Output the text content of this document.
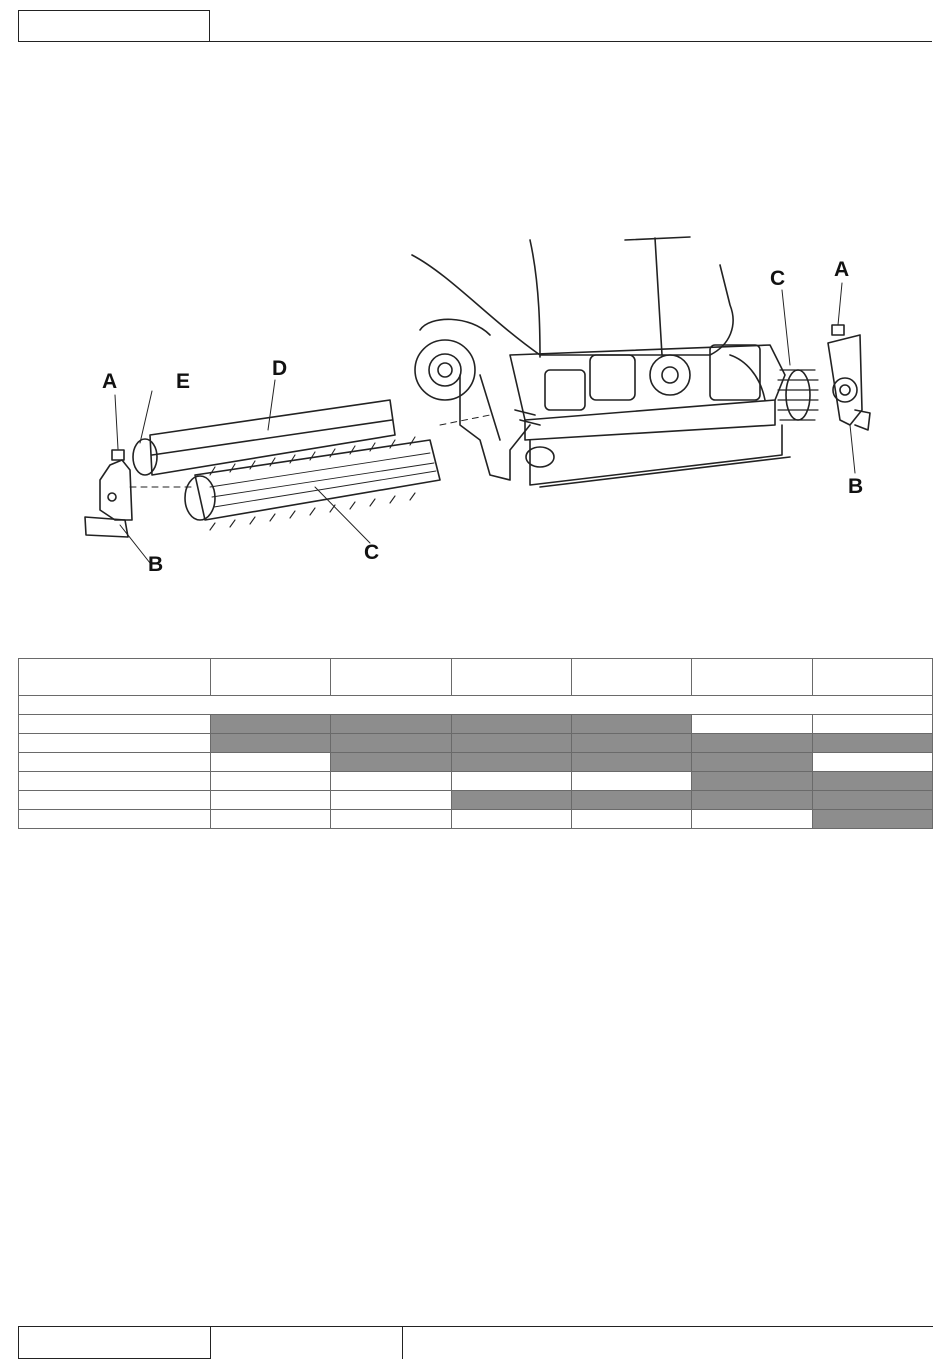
A
B
E
D
C
C A
B
